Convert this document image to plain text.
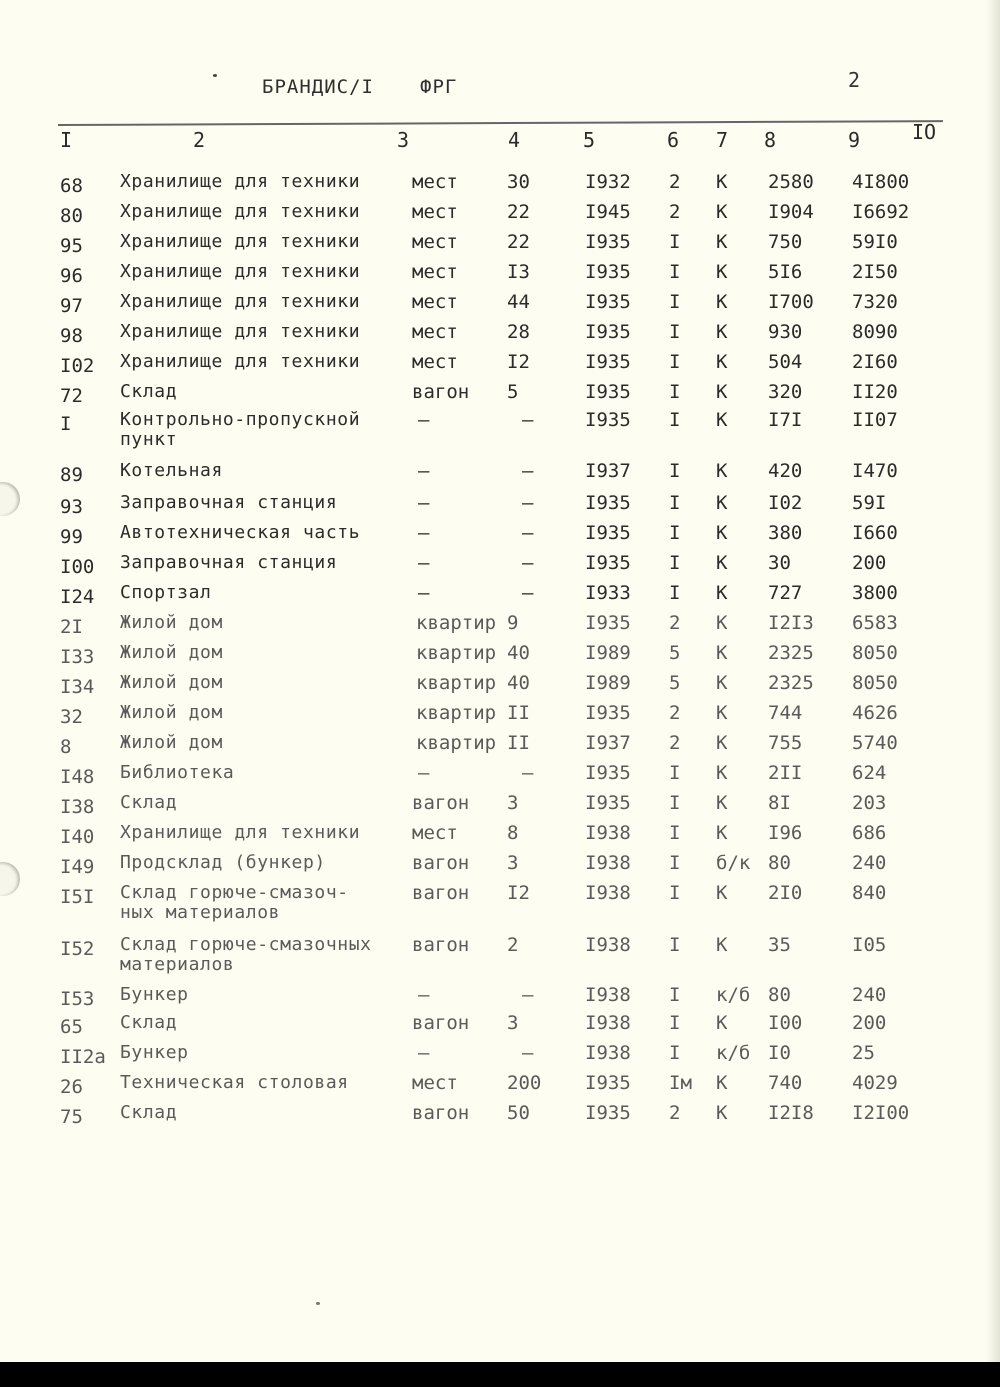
БРАНДИС/I ФРГ	2
I	2	3	4	5	6 7 8	9	IO
68 Хранилище для техники	мест	30	I932 2 К 2580 4I800
80 Хранилище для техники	мест	22	I945 2 К I904 I6692
95 Хранилище для техники	мест	22	I935 I К 750	59I0
96 Хранилище для техники	мест	I3	I935 I К 5I6	2I50
97 Хранилище для техники	мест	44	I935 I К I700 7320
98 Хранилище для техники	мест	28	I935 I К 930	8090
I02 Хранилище для техники	мест	I2	I935 I К 504	2I60
72 Склад	вагон 5	I935 I К 320	II20
I	Контрольно-пропускной	–	–	I935 I К I7I	II07
пункт
89 Котельная	–	–	I937 I К 420	I470
93 Заправочная станция	–	–	I935 I К I02	59I
99 Автотехническая часть	–	–	I935 I К 380	I660
I00 Заправочная станция	–	–	I935 I К 30	200
I24 Спортзал	–	–	I933 I К 727	3800
2I Жилой дом	квартир 9	I935 2 К I2I3 6583
I33 Жилой дом	квартир 40	I989 5 К 2325 8050
I34 Жилой дом	квартир 40	I989 5 К 2325 8050
32 Жилой дом	квартир II	I935 2 К 744	4626
8	Жилой дом	квартир II	I937 2 К 755	5740
I48 Библиотека	–	–	I935 I К 2II	624
I38 Склад	вагон 3	I935 I К 8I	203
I40 Хранилище для техники	мест	8	I938 I К I96	686
I49 Продсклад (бункер)	вагон 3	I938 I б/к 80	240
I5I Склад горюче-смазоч-	вагон I2	I938 I К 2I0	840
ных материалов
I52 Склад горюче-смазочных вагон 2	I938 I К 35	I05
материалов
I53 Бункер	–	–	I938 I к/б 80	240
65 Склад	вагон 3	I938 I К I00	200
II2а Бункер	–	–	I938 I к/б I0	25
26 Техническая столовая	мест	200 I935 Iм К 740	4029
75 Склад	вагон 50	I935 2 К I2I8 I2I00
